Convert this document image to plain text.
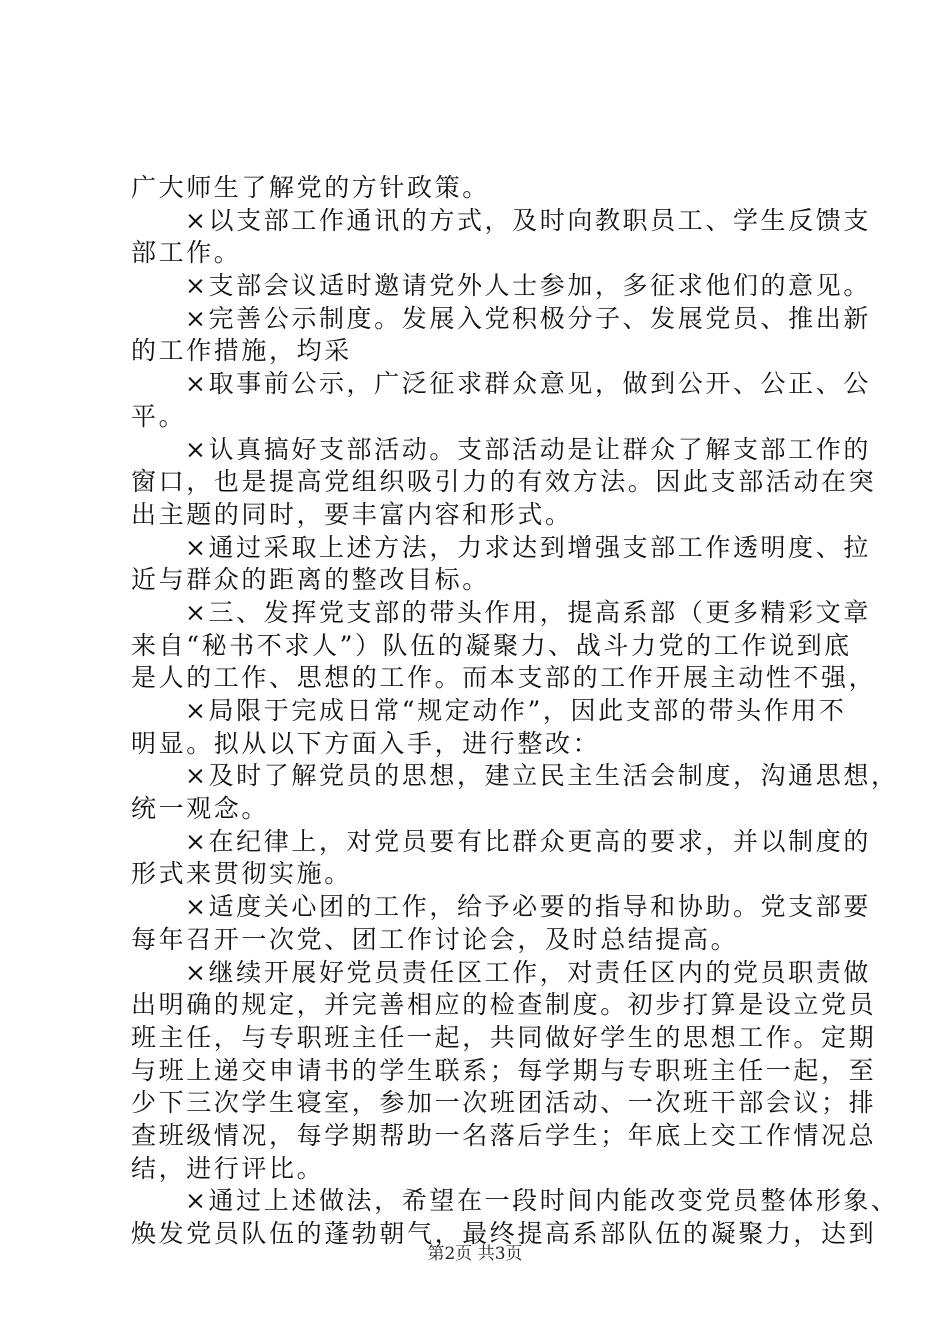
广大师生了解党的方针政策。
×以支部工作通讯的方式，及时向教职员工、学生反馈支
部工作。
×支部会议适时邀请党外人士参加，多征求他们的意见。
×完善公示制度。发展入党积极分子、发展党员、推出新
的工作措施，均采
×取事前公示，广泛征求群众意见，做到公开、公正、公
平。
×认真搞好支部活动。支部活动是让群众了解支部工作的
窗口，也是提高党组织吸引力的有效方法。因此支部活动在突
出主题的同时，要丰富内容和形式。
×通过采取上述方法，力求达到增强支部工作透明度、拉
近与群众的距离的整改目标。
×三、发挥党支部的带头作用，提高系部（更多精彩文章
来自“秘书不求人”）队伍的凝聚力、战斗力党的工作说到底
是人的工作、思想的工作。而本支部的工作开展主动性不强，
×局限于完成日常“规定动作”，因此支部的带头作用不
明显。拟从以下方面入手，进行整改：
×及时了解党员的思想，建立民主生活会制度，沟通思想，
统一观念。
×在纪律上，对党员要有比群众更高的要求，并以制度的
形式来贯彻实施。
×适度关心团的工作，给予必要的指导和协助。党支部要
每年召开一次党、团工作讨论会，及时总结提高。
×继续开展好党员责任区工作，对责任区内的党员职责做
出明确的规定，并完善相应的检查制度。初步打算是设立党员
班主任，与专职班主任一起，共同做好学生的思想工作。定期
与班上递交申请书的学生联系；每学期与专职班主任一起，至
少下三次学生寝室，参加一次班团活动、一次班干部会议；排
查班级情况，每学期帮助一名落后学生；年底上交工作情况总
结，进行评比。
×通过上述做法，希望在一段时间内能改变党员整体形象、
焕发党员队伍的蓬勃朝气，最终提高系部队伍的凝聚力，达到
第2页 共3页
